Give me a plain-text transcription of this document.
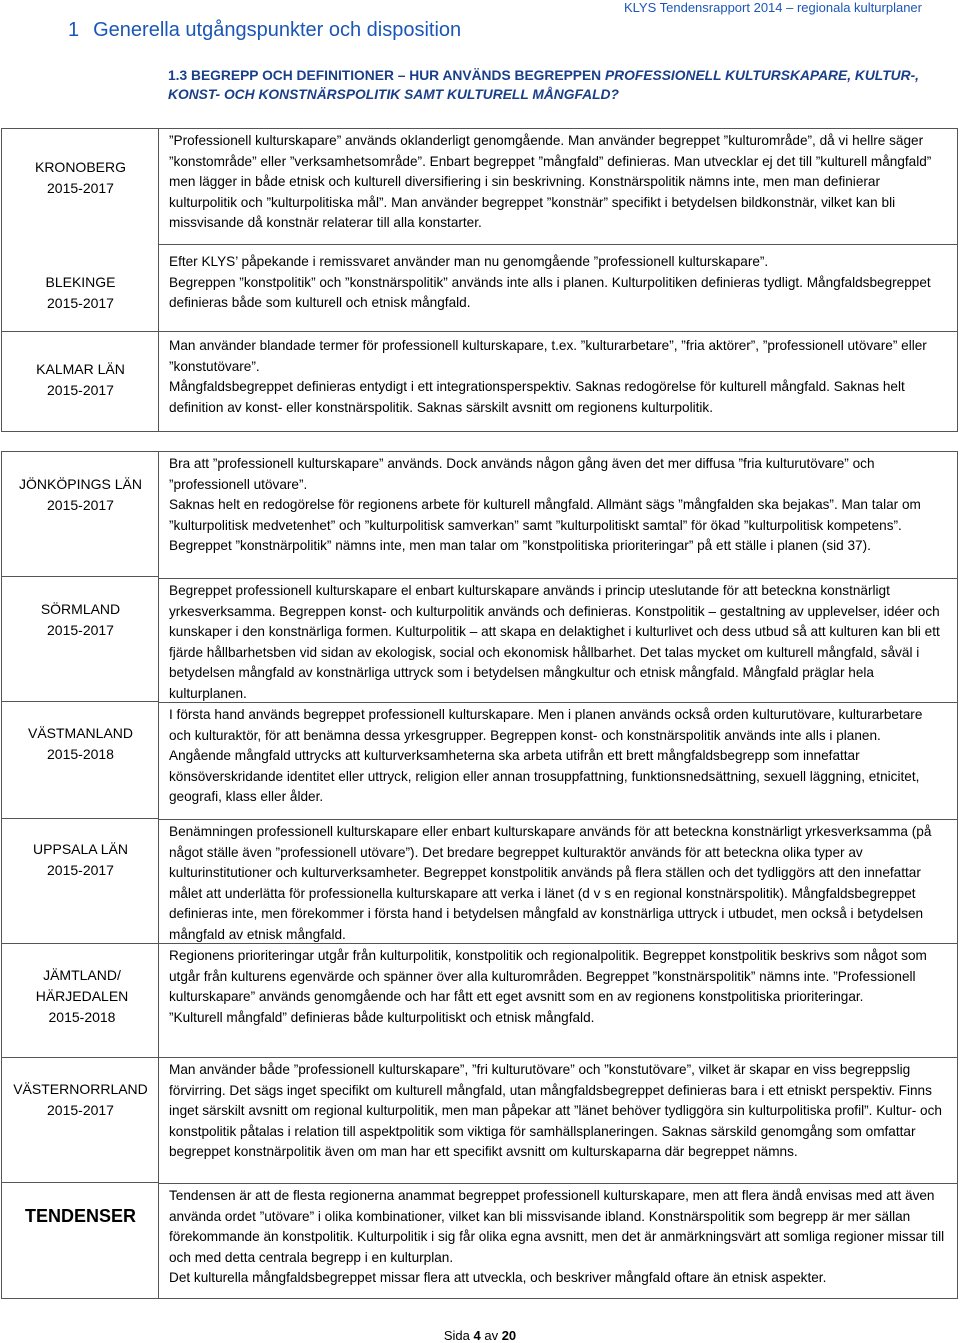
1 Generella utgångspunkter och disposition
KLYS Tendensrapport 2014 – regionala kulturplaner
1.3 BEGREPP OCH DEFINITIONER – HUR ANVÄNDS BEGREPPEN PROFESSIONELL KULTURSKAPARE, KULTUR-, KONST- OCH KONSTNÄRSPOLITIK SAMT KULTURELL MÅNGFALD?
KRONOBERG
2015-2017
BLEKINGE
2015-2017
KALMAR LÄN
2015-2017

”Professionell kulturskapare” används oklanderligt genomgående. Man använder begreppet ”kulturområde”, då vi hellre säger ”konstområde” eller ”verksamhetsområde”. Enbart begreppet ”mångfald” definieras. Man utvecklar ej det till ”kulturell mångfald” men lägger in både etnisk och kulturell diversifiering i sin beskrivning. Konstnärspolitik nämns inte, men man definierar kulturpolitik och ”kulturpolitiska mål”. Man använder begreppet ”konstnär” specifikt i betydelsen bildkonstnär, vilket kan bli missvisande då konstnär relaterar till alla konstarter.

Efter KLYS’ påpekande i remissvaret använder man nu genomgående ”professionell kulturskapare”.

Begreppen ”konstpolitik” och ”konstnärspolitik” används inte alls i planen. Kulturpolitiken definieras tydligt. Mångfaldsbegreppet definieras både som kulturell och etnisk mångfald.

Man använder blandade termer för professionell kulturskapare, t.ex. ”kulturarbetare”, ”fria aktörer”, ”professionell utövare” eller ”konstutövare”.

Mångfaldsbegreppet definieras entydigt i ett integrationsperspektiv. Saknas redogörelse för kulturell mångfald. Saknas helt definition av konst- eller konstnärspolitik. Saknas särskilt avsnitt om regionens kulturpolitik.

JÖNKÖPINGS LÄN
2015-2017
SÖRMLAND
2015-2017
VÄSTMANLAND
2015-2018
UPPSALA LÄN
2015-2017
JÄMTLAND/ HÄRJEDALEN
2015-2018
VÄSTERNORRLAND
2015-2017
TENDENSER

Bra att ”professionell kulturskapare” används. Dock används någon gång även det mer diffusa ”fria kulturutövare” och ”professionell utövare”.

Saknas helt en redogörelse för regionens arbete för kulturell mångfald. Allmänt sägs ”mångfalden ska bejakas”. Man talar om ”kulturpolitisk medvetenhet” och ”kulturpolitisk samverkan” samt ”kulturpolitiskt samtal” för ökad ”kulturpolitisk kompetens”. Begreppet ”konstnärpolitik” nämns inte, men man talar om ”konstpolitiska prioriteringar” på ett ställe i planen (sid 37).

Begreppet professionell kulturskapare el enbart kulturskapare används i princip uteslutande för att beteckna konstnärligt yrkesverksamma. Begreppen konst- och kulturpolitik används och definieras. Konstpolitik – gestaltning av upplevelser, idéer och kunskaper i den konstnärliga formen. Kulturpolitik – att skapa en delaktighet i kulturlivet och dess utbud så att kulturen kan bli ett fjärde hållbarhetsben vid sidan av ekologisk, social och ekonomisk hållbarhet. Det talas mycket om kulturell mångfald, såväl i betydelsen mångfald av konstnärliga uttryck som i betydelsen mångkultur och etnisk mångfald. Mångfald präglar hela kulturplanen.

I första hand används begreppet professionell kulturskapare. Men i planen används också orden kulturutövare, kulturarbetare och kulturaktör, för att benämna dessa yrkesgrupper. Begreppen konst- och konstnärspolitik används inte alls i planen. Angående mångfald uttrycks att kulturverksamheterna ska arbeta utifrån ett brett mångfaldsbegrepp som innefattar könsöverskridande identitet eller uttryck, religion eller annan trosuppfattning, funktionsnedsättning, sexuell läggning, etnicitet, geografi, klass eller ålder.

Benämningen professionell kulturskapare eller enbart kulturskapare används för att beteckna konstnärligt yrkesverksamma (på något ställe även ”professionell utövare”). Det bredare begreppet kulturaktör används för att beteckna olika typer av kulturinstitutioner och kulturverksamheter. Begreppet konstpolitik används på flera ställen och det tydliggörs att den innefattar målet att underlätta för professionella kulturskapare att verka i länet (d v s en regional konstnärspolitik). Mångfaldsbegreppet definieras inte, men förekommer i första hand i betydelsen mångfald av konstnärliga uttryck i utbudet, men också i betydelsen mångfald av etnisk mångfald.

Regionens prioriteringar utgår från kulturpolitik, konstpolitik och regionalpolitik. Begreppet konstpolitik beskrivs som något som utgår från kulturens egenvärde och spänner över alla kulturområden. Begreppet ”konstnärspolitik” nämns inte. ”Professionell kulturskapare” används genomgående och har fått ett eget avsnitt som en av regionens konstpolitiska prioriteringar.

”Kulturell mångfald” definieras både kulturpolitiskt och etnisk mångfald.

Man använder både ”professionell kulturskapare”, ”fri kulturutövare” och ”konstutövare”, vilket är skapar en viss begreppslig förvirring. Det sägs inget specifikt om kulturell mångfald, utan mångfaldsbegreppet definieras bara i ett etniskt perspektiv. Finns inget särskilt avsnitt om regional kulturpolitik, men man påpekar att ”länet behöver tydliggöra sin kulturpolitiska profil”. Kultur- och konstpolitik påtalas i relation till aspektpolitik som viktiga för samhällsplaneringen. Saknas särskild genomgång som omfattar begreppet konstnärpolitik även om man har ett specifikt avsnitt om kulturskaparna där begreppet nämns.

Tendensen är att de flesta regionerna anammat begreppet professionell kulturskapare, men att flera ändå envisas med att även använda ordet ”utövare” i olika kombinationer, vilket kan bli missvisande ibland. Konstnärspolitik som begrepp är mer sällan förekommande än konstpolitik. Kulturpolitik i sig får olika egna avsnitt, men det är anmärkningsvärt att somliga regioner missar till och med detta centrala begrepp i en kulturplan.

Det kulturella mångfaldsbegreppet missar flera att utveckla, och beskriver mångfald oftare än etnisk aspekter.

Sida 4 av 20
